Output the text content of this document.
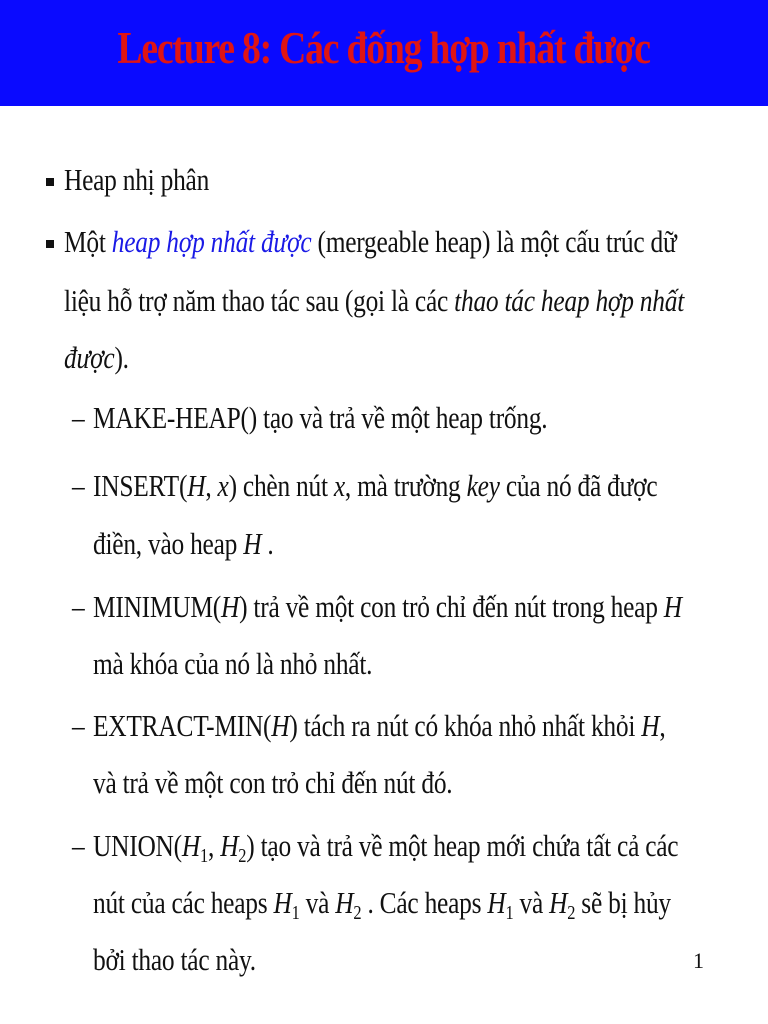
Lecture 8: Các đống hợp nhất được
Heap nhị phân
Một heap hợp nhất được (mergeable heap) là một cấu trúc dữ
liệu hỗ trợ năm thao tác sau (gọi là các thao tác heap hợp nhất
được).
– MAKE-HEAP() tạo và trả về một heap trống.
– INSERT(H, x) chèn nút x, mà trường key của nó đã được
điền, vào heap H .
– MINIMUM(H) trả về một con trỏ chỉ đến nút trong heap H
mà khóa của nó là nhỏ nhất.
– EXTRACT-MIN(H) tách ra nút có khóa nhỏ nhất khỏi H,
và trả về một con trỏ chỉ đến nút đó.
– $UNION(H_1$, $H_2$) tạo và trả về một heap mới chứa tất cả các
nút của các heaps $H_1$ và $H_2$ . Các heaps $H_1$ và $H_2$ sẽ bị hủy
bởi thao tác này.	1
